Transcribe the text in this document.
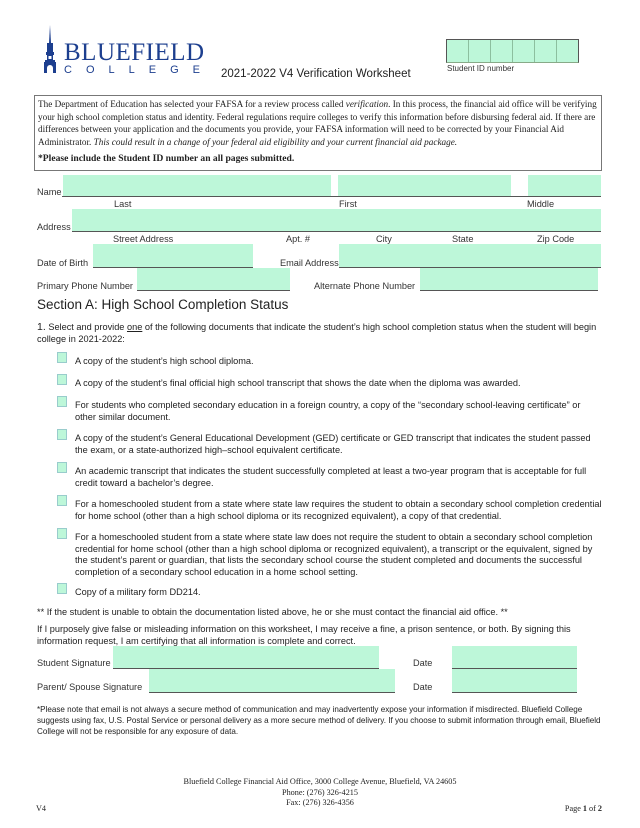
BLUEFIELD
COLLEGE 2021-2022 V4 Verification Worksheet	Student ID number
The Department of Education has selected your FAFSA for a review process called verification. In this process, the financial aid office will be verifying your high school completion status and identity. Federal regulations require colleges to verify this information before disbursing federal aid. If there are differences between your application and the documents you provide, your FAFSA information will need to be corrected by your Financial Aid Administrator. This could result in a change of your federal aid eligibility and your current financial aid package.
*Please include the Student ID number an all pages submitted.
Name
Last	First	Middle
Address
Street Address	Apt. #	City	State	Zip Code
Date of Birth	Email Address
Primary Phone Number	Alternate Phone Number
Section A: High School Completion Status
1. Select and provide one of the following documents that indicate the student’s high school completion status when the student will begin college in 2021-2022:
A copy of the student’s high school diploma.
A copy of the student’s final official high school transcript that shows the date when the diploma was awarded.
For students who completed secondary education in a foreign country, a copy of the “secondary school-leaving certificate” or other similar document.
A copy of the student’s General Educational Development (GED) certificate or GED transcript that indicates the student passed the exam, or a state-authorized high–school equivalent certificate.
An academic transcript that indicates the student successfully completed at least a two-year program that is acceptable for full credit toward a bachelor’s degree.
For a homeschooled student from a state where state law requires the student to obtain a secondary school completion credential for home school (other than a high school diploma or its recognized equivalent), a copy of that credential.
For a homeschooled student from a state where state law does not require the student to obtain a secondary school completion credential for home school (other than a high school diploma or recognized equivalent), a transcript or the equivalent, signed by the student’s parent or guardian, that lists the secondary school course the student completed and documents the successful completion of a secondary school education in a home school setting.
Copy of a military form DD214.
** If the student is unable to obtain the documentation listed above, he or she must contact the financial aid office. **
If I purposely give false or misleading information on this worksheet, I may receive a fine, a prison sentence, or both. By signing this information request, I am certifying that all information is complete and correct.
Student Signature	Date
Parent/ Spouse Signature	Date
*Please note that email is not always a secure method of communication and may inadvertently expose your information if misdirected. Bluefield College suggests using fax, U.S. Postal Service or personal delivery as a more secure method of delivery. If you choose to submit information through email, Bluefield College will not be responsible for any exposure of data.
Bluefield College Financial Aid Office, 3000 College Avenue, Bluefield, VA 24605
Phone: (276) 326-4215
Fax: (276) 326-4356
V4	Page 1 of 2
